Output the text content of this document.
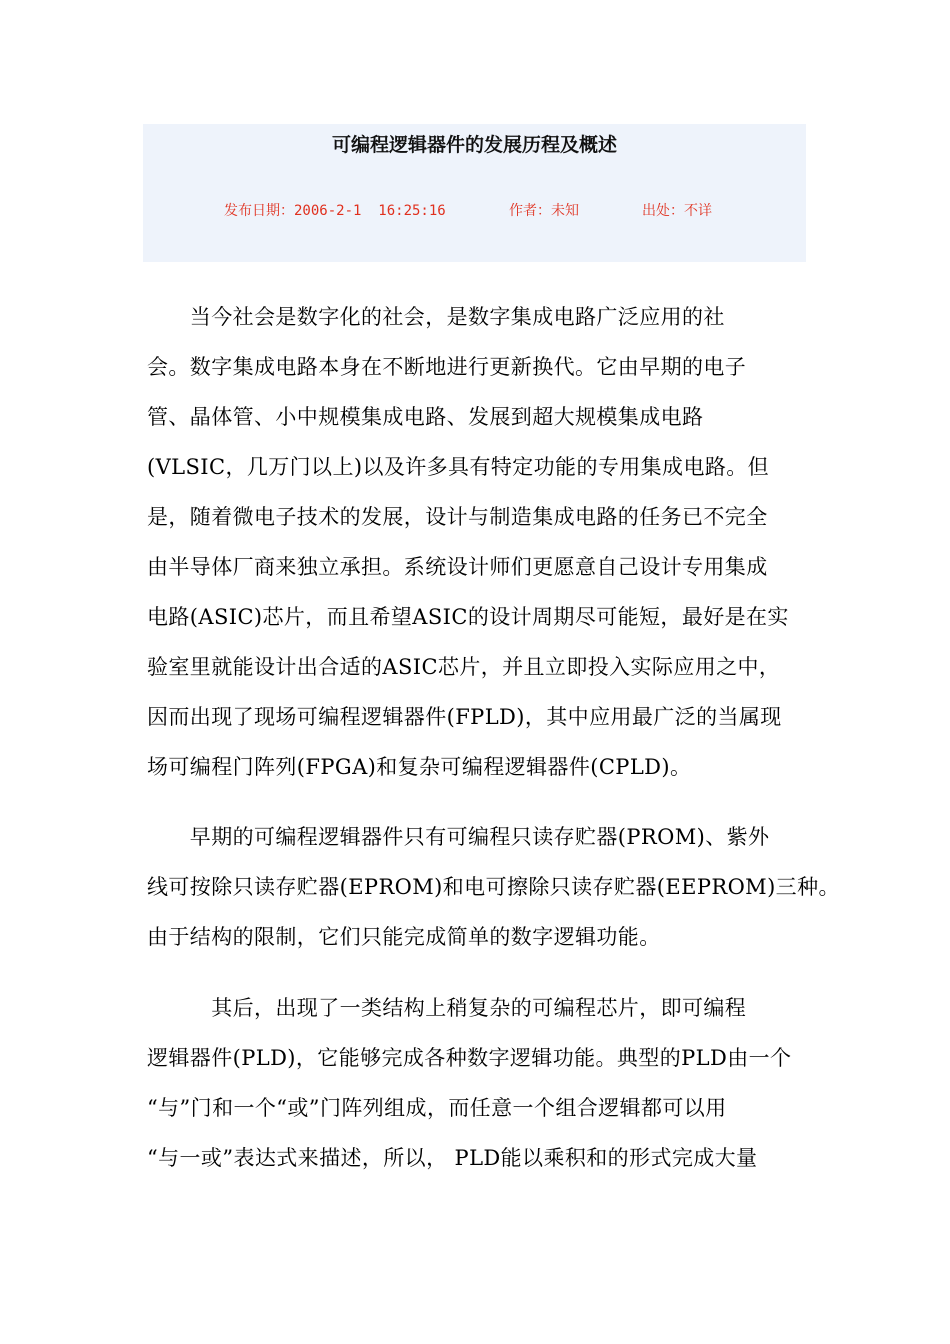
可编程逻辑器件的发展历程及概述
发布日期：2006-2-1  16:25:16	作者：未知	出处：不详

　　当今社会是数字化的社会，是数字集成电路广泛应用的社

会。数字集成电路本身在不断地进行更新换代。它由早期的电子

管、晶体管、小中规模集成电路、发展到超大规模集成电路

(VLSIC，几万门以上)以及许多具有特定功能的专用集成电路。但

是，随着微电子技术的发展，设计与制造集成电路的任务已不完全

由半导体厂商来独立承担。系统设计师们更愿意自己设计专用集成

电路(ASIC)芯片，而且希望ASIC的设计周期尽可能短，最好是在实

验室里就能设计出合适的ASIC芯片，并且立即投入实际应用之中，

因而出现了现场可编程逻辑器件(FPLD)，其中应用最广泛的当属现

场可编程门阵列(FPGA)和复杂可编程逻辑器件(CPLD)。

　　早期的可编程逻辑器件只有可编程只读存贮器(PROM)、紫外

线可按除只读存贮器(EPROM)和电可擦除只读存贮器(EEPROM)三种。

由于结构的限制，它们只能完成简单的数字逻辑功能。

　　　其后，出现了一类结构上稍复杂的可编程芯片，即可编程

逻辑器件(PLD)，它能够完成各种数字逻辑功能。典型的PLD由一个

“与”门和一个“或”门阵列组成，而任意一个组合逻辑都可以用

“与一或”表达式来描述，所以， PLD能以乘积和的形式完成大量
